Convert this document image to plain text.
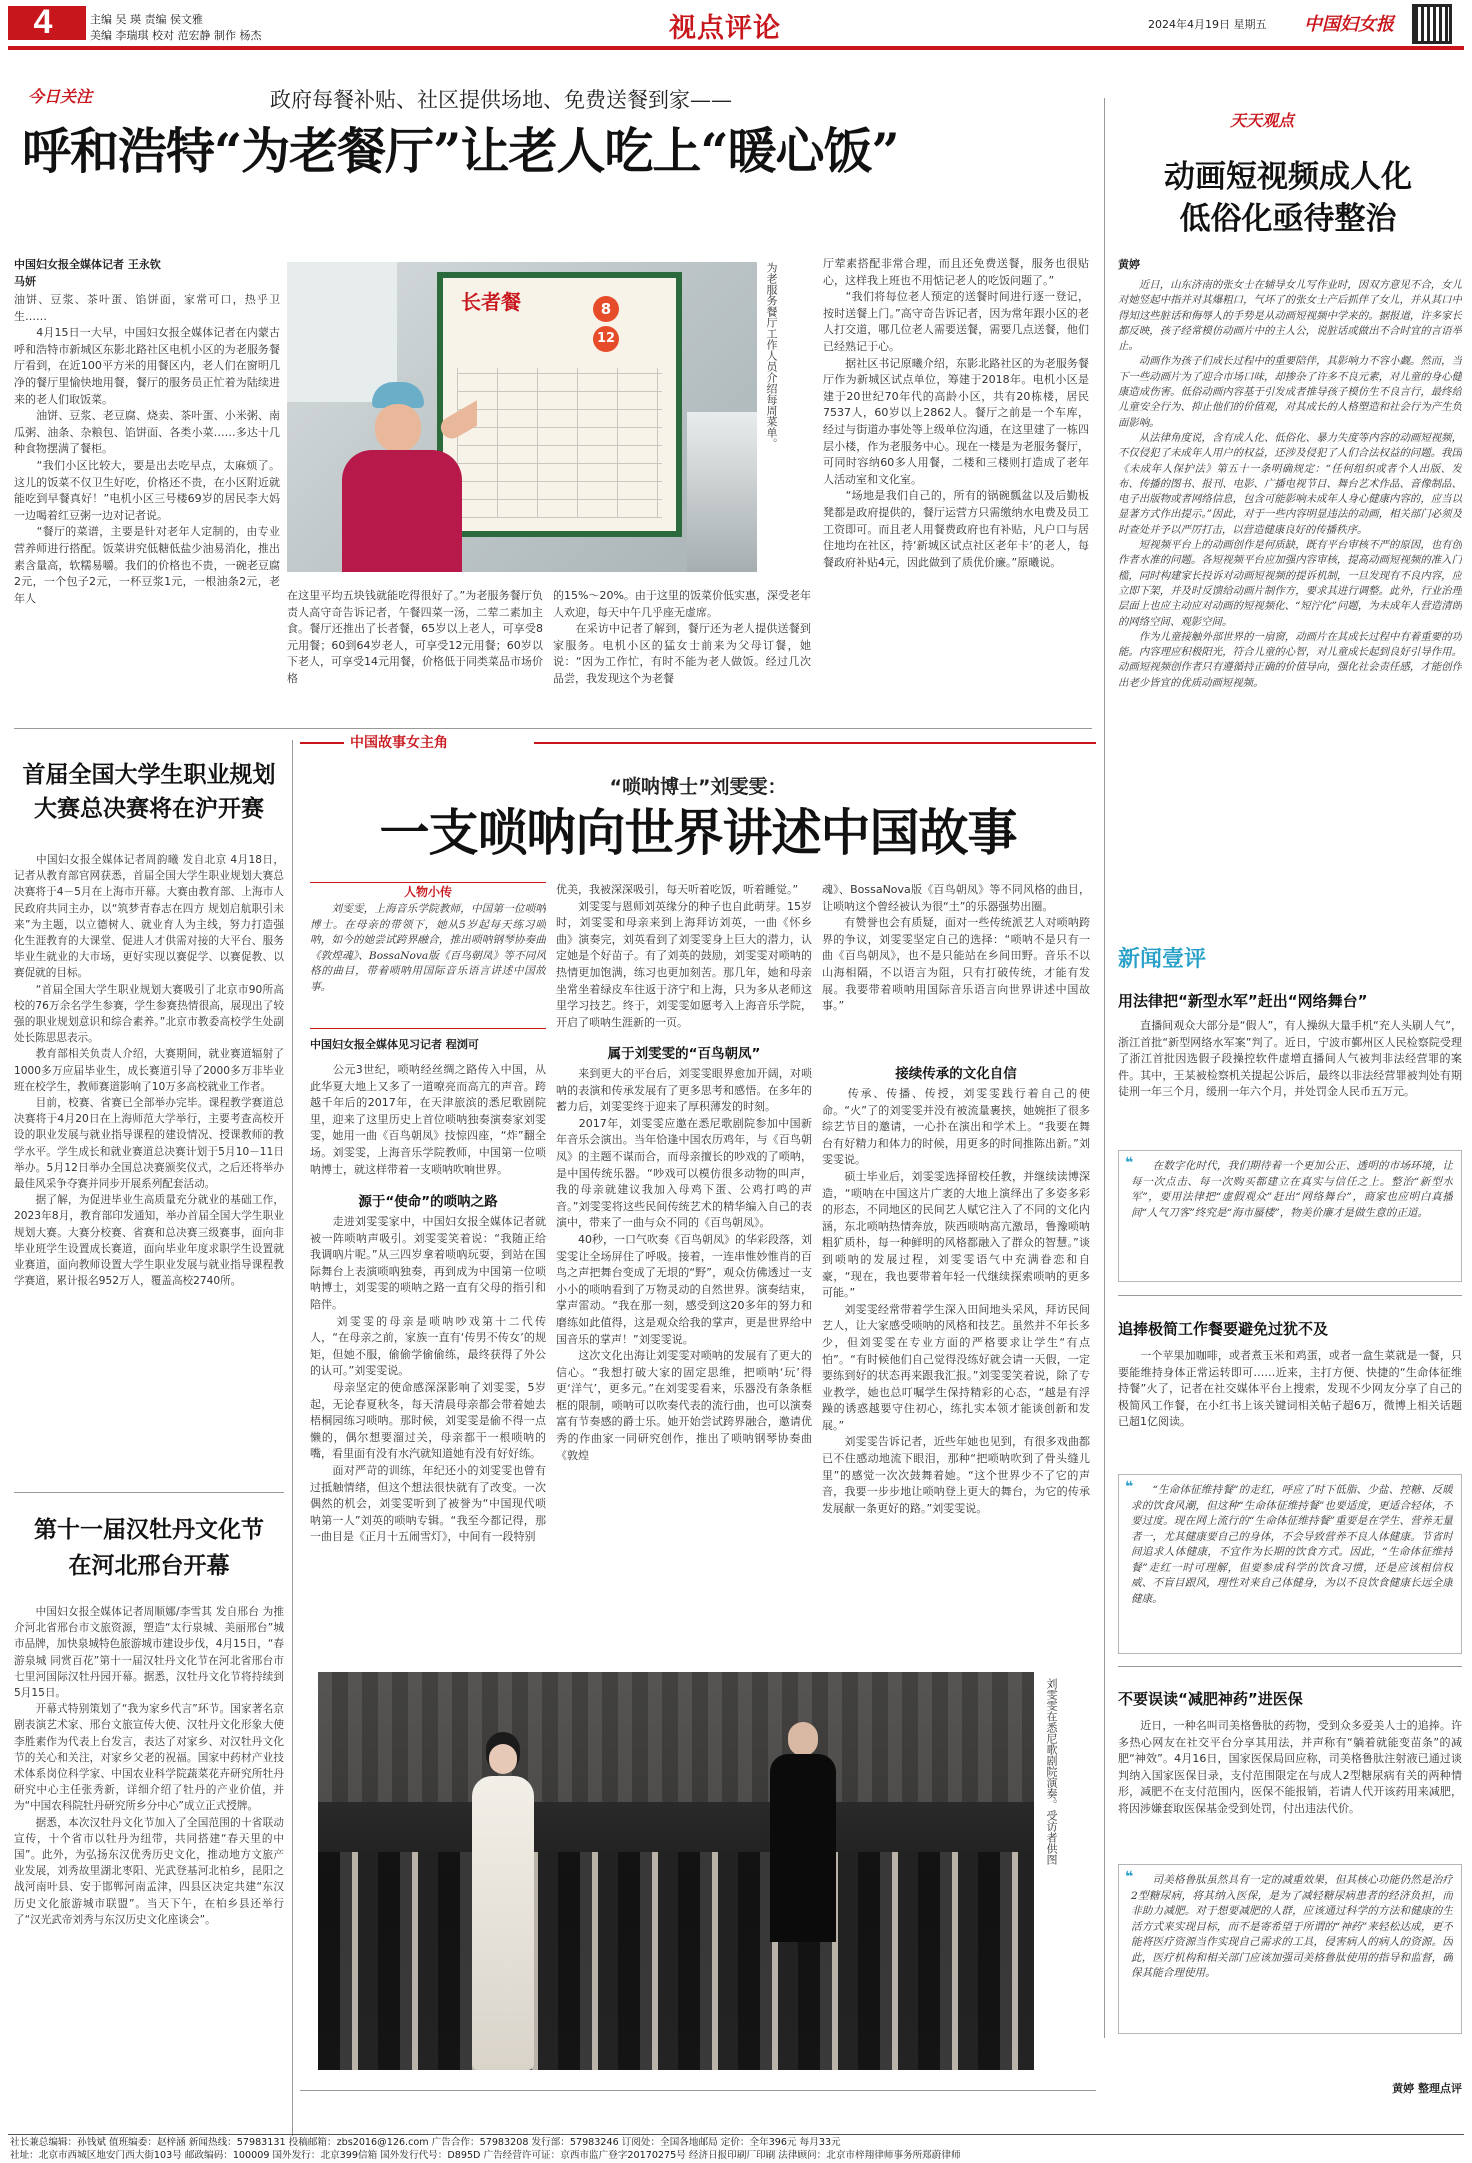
4	主编 吴 瑛 责编 侯文雅
美编 李瑞琪 校对 范宏静 制作 杨杰	视点评论	2024年4月19日 星期五	中国妇女报
今日关注	政府每餐补贴、社区提供场地、免费送餐到家——
呼和浩特“为老餐厅”让老人吃上“暖心饭”
中国妇女报全媒体记者 王永钦
马妍
油饼、豆浆、茶叶蛋、馅饼面，家常可口，热乎卫生……
　　4月15日一大早，中国妇女报全媒体记者在内蒙古呼和浩特市新城区东影北路社区电机小区的为老服务餐厅看到，在近100平方米的用餐区内，老人们在窗明几净的餐厅里愉快地用餐，餐厅的服务员正忙着为陆续进来的老人们取饭菜。
　　油饼、豆浆、老豆腐、烧卖、茶叶蛋、小米粥、南瓜粥、油条、杂粮包、馅饼面、各类小菜……多达十几种食物摆满了餐柜。
　　“我们小区比较大，要是出去吃早点，太麻烦了。这儿的饭菜不仅卫生好吃，价格还不贵，在小区附近就能吃到早餐真好！”电机小区三号楼69岁的居民李大妈一边喝着红豆粥一边对记者说。
　　“餐厅的菜谱，主要是针对老年人定制的，由专业营养师进行搭配。饭菜讲究低糖低盐少油易消化，推出素含量高，软糯易嚼。我们的价格也不贵，一碗老豆腐2元，一个包子2元，一杯豆浆1元，一根油条2元，老年人
长者餐	8
12	为老服务餐厅工作人员介绍每周菜单。
在这里平均五块钱就能吃得很好了。”为老服务餐厅负责人高守奇告诉记者，午餐四菜一汤，二荤二素加主食。餐厅还推出了长者餐，65岁以上老人，可享受8元用餐；60到64岁老人，可享受12元用餐；60岁以下老人，可享受14元用餐，价格低于同类菜品市场价格
的15%～20%。由于这里的饭菜价低实惠，深受老年人欢迎，每天中午几乎座无虚席。
　　在采访中记者了解到，餐厅还为老人提供送餐到家服务。电机小区的猛女士前来为父母订餐，她说：“因为工作忙，有时不能为老人做饭。经过几次品尝，我发现这个为老餐
厅荤素搭配非常合理，而且还免费送餐，服务也很贴心，这样我上班也不用惦记老人的吃饭问题了。”
　　“我们将每位老人预定的送餐时间进行逐一登记，按时送餐上门。”高守奇告诉记者，因为常年跟小区的老人打交道，哪几位老人需要送餐，需要几点送餐，他们已经熟记于心。
　　据社区书记原曦介绍，东影北路社区的为老服务餐厅作为新城区试点单位，筹建于2018年。电机小区是建于20世纪70年代的高龄小区，共有20栋楼，居民7537人，60岁以上2862人。餐厅之前是一个车库，经过与街道办事处等上级单位沟通，在这里建了一栋四层小楼，作为老服务中心。现在一楼是为老服务餐厅，可同时容纳60多人用餐，二楼和三楼则打造成了老年人活动室和文化室。
　　“场地是我们自己的，所有的锅碗瓢盆以及后勤板凳都是政府提供的，餐厅运营方只需缴纳水电费及员工工资即可。而且老人用餐费政府也有补贴，凡户口与居住地均在社区，持‘新城区试点社区老年卡’的老人，每餐政府补贴4元，因此做到了质优价廉。”原曦说。
天天观点
动画短视频成人化
低俗化亟待整治
黄婷
　　近日，山东济南的张女士在辅导女儿写作业时，因双方意见不合，女儿对她竖起中指并对其爆粗口，气坏了的张女士产后抓伴了女儿，并从其口中得知这些脏话和侮辱人的手势是从动画短视频中学来的。据报道，许多家长都反映，孩子经常模仿动画片中的主人公，说脏话或做出不合时宜的言语举止。
　　动画作为孩子们成长过程中的重要陪伴，其影响力不容小觑。然而，当下一些动画片为了迎合市场口味，却掺杂了许多不良元素，对儿童的身心健康造成伤害。低俗动画内容基于引发成者推导孩子模仿生不良言行，最终给儿童安全行为、抑止他们的价值观，对其成长的人格塑造和社会行为产生负面影响。
　　从法律角度说，含有成人化、低俗化、暴力失度等内容的动画短视频，不仅侵犯了未成年人用户的权益，还涉及侵犯了人们合法权益的问题。我国《未成年人保护法》第五十一条明确规定：“任何组织或者个人出版、发布、传播的图书、报刊、电影、广播电视节目、舞台艺术作品、音像制品、电子出版物或者网络信息，包含可能影响未成年人身心健康内容的，应当以显著方式作出提示。”因此，对于一些内容明显违法的动画，相关部门必须及时查处并予以严厉打击，以营造健康良好的传播秩序。
　　短视频平台上的动画创作是何质缺，既有平台审核不严的原因，也有创作者水准的问题。各短视频平台应加强内容审核，提高动画短视频的准入门槛，同时构建家长投诉对动画短视频的提诉机制，一旦发现有不良内容，应立即下架，并及时反馈给动画片制作方，要求其进行调整。此外，行业治理层面上也应主动应对动画的短视频化、“短泞化”问题，为未成年人营造清朗的网络空间、观影空间。
　　作为儿童接触外部世界的一扇窗，动画片在其成长过程中有着重要的功能。内容理应积极阳光，符合儿童的心智，对儿童成长起到良好引导作用。动画短视频创作者只有遵循持正确的价值导向，强化社会责任感，才能创作出老少皆宜的优质动画短视频。
新闻壹评
用法律把“新型水军”赶出“网络舞台”
　　直播间观众大部分是“假人”，有人操纵大量手机“充人头刷人气”，浙江首批“新型网络水军案”判了。近日，宁波市鄞州区人民检察院受理了浙江首批因选假子段操控软件虚增直播间人气被判非法经营罪的案件。其中，王某被检察机关提起公诉后，最终以非法经营罪被判处有期徒刑一年三个月，缓刑一年六个月，并处罚金人民币五万元。
❝
　　在数字化时代，我们期待着一个更加公正、透明的市场环境，让每一次点击、每一次购买都建立在真实与信任之上。整治“新型水军”，要用法律把“虚假观众”赶出“网络舞台”，商家也应明白真播间“人气刀客”终究是“海市蜃楼”，物美价廉才是做生意的正道。
追捧极简工作餐要避免过犹不及
　　一个苹果加咖啡，或者煮玉米和鸡蛋，或者一盒生菜就是一餐，只要能维持身体正常运转即可……近来，主打方便、快捷的“生命体征维持餐”火了，记者在社交媒体平台上搜索，发现不少网友分享了自己的极简风工作餐，在小红书上该关键词相关帖子超6万，微博上相关话题已超1亿阅读。
❝
　　“生命体征维持餐”的走红，呼应了时下低脂、少盐、控糖、反暖求的饮食风潮，但这种“生命体征维持餐”也要适度，更适合轻体，不要过度。现在网上流行的“生命体征维持餐”重要是在学生、营养无量者一，尤其健康要自己的身体，不会导致营养不良人体健康。节省时间追求人体健康，不宜作为长期的饮食方式。因此，“生命体征维持餐”走红一时可理解，但要参成科学的饮食习惯，还是应该相信权威、不盲目跟风，理性对来自己体健身，为以不良饮食健康长远全康健康。
不要误读“减肥神药”进医保
　　近日，一种名叫司美格鲁肽的药物，受到众多爱美人士的追捧。许多热心网友在社交平台分享其用法，并声称有“躺着就能变苗条”的减肥“神效”。4月16日，国家医保局回应称，司美格鲁肽注射液已通过谈判纳入国家医保目录，支付范围限定在与成人2型糖尿病有关的两种情形，减肥不在支付范围内，医保不能报销，若请人代开该药用来减肥，将因涉嫌套取医保基金受到处罚，付出违法代价。
❝
　　司美格鲁肽虽然具有一定的减重效果，但其核心功能仍然是治疗2型糖尿病，将其纳入医保，是为了减轻糖尿病患者的经济负担，而非助力减肥。对于想要减肥的人群，应该通过科学的方法和健康的生活方式来实现目标，而不是寄希望于所谓的“神药”来轻松达成，更不能将医疗资源当作实现自己需求的工具，侵害病人的病人的资源。因此，医疗机构和相关部门应该加强司美格鲁肽使用的指导和监督，确保其能合理使用。
黄婷 整理点评
首届全国大学生职业规划
大赛总决赛将在沪开赛
　　中国妇女报全媒体记者周韵曦 发自北京 4月18日，记者从教育部官网获悉，首届全国大学生职业规划大赛总决赛将于4－5月在上海市开幕。大赛由教育部、上海市人民政府共同主办，以“筑梦青春志在四方 规划启航职引未来”为主题，以立德树人、就业育人为主线，努力打造强化生涯教育的大课堂、促进人才供需对接的大平台、服务毕业生就业的大市场，更好实现以赛促学、以赛促教、以赛促就的目标。
　　“首届全国大学生职业规划大赛吸引了北京市90所高校的76万余名学生参赛，学生参赛热情很高，展现出了较强的职业规划意识和综合素养。”北京市教委高校学生处副处长陈思思表示。
　　教育部相关负责人介绍，大赛期间，就业赛道辐射了1000多万应届毕业生，成长赛道引导了2000多万非毕业班在校学生，教师赛道影响了10万多高校就业工作者。
　　目前，校赛、省赛已全部举办完毕。课程教学赛道总决赛将于4月20日在上海师范大学举行，主要考查高校开设的职业发展与就业指导课程的建设情况、授课教师的教学水平。学生成长和就业赛道总决赛计划于5月10－11日举办。5月12日举办全国总决赛颁奖仪式，之后还将举办最佳风采争夺赛并同步开展系列配套活动。
　　据了解，为促进毕业生高质量充分就业的基础工作，2023年8月，教育部印发通知，举办首届全国大学生职业规划大赛。大赛分校赛、省赛和总决赛三级赛事，面向非毕业班学生设置成长赛道，面向毕业年度求职学生设置就业赛道，面向教师设置大学生职业发展与就业指导课程教学赛道，累计报名952万人，覆盖高校2740所。
第十一届汉牡丹文化节
在河北邢台开幕
　　中国妇女报全媒体记者周顺娜/李雪其 发自邢台 为推介河北省邢台市文旅资源，塑造“太行泉城、美丽邢台”城市品牌，加快泉城特色旅游城市建设步伐，4月15日，“春游泉城 同赏百花”第十一届汉牡丹文化节在河北省邢台市七里河国际汉牡丹园开幕。据悉，汉牡丹文化节将持续到5月15日。
　　开幕式特别策划了“我为家乡代言”环节。国家著名京剧表演艺术家、邢台文旅宣传大使、汉牡丹文化形象大使李胜素作为代表上台发言，表达了对家乡、对汉牡丹文化节的关心和关注，对家乡父老的祝福。国家中药材产业技术体系岗位科学家、中国农业科学院蔬菜花卉研究所牡丹研究中心主任张秀新，详细介绍了牡丹的产业价值，并为“中国农科院牡丹研究所乡分中心”成立正式授牌。
　　据悉，本次汉牡丹文化节加入了全国范围的十省联动宣传，十个省市以牡丹为纽带，共同搭建“春天里的中国”。此外，为弘扬东汉优秀历史文化，推动地方文旅产业发展，刘秀故里湖北枣阳、光武登基河北柏乡，昆阳之战河南叶县、安于邯郸河南孟津，四县区决定共建“东汉历史文化旅游城市联盟”。当天下午，在柏乡县还举行了“汉光武帝刘秀与东汉历史文化座谈会”。
中国故事女主角
“唢呐博士”刘雯雯：
一支唢呐向世界讲述中国故事
人物小传
　　刘雯雯，上海音乐学院教师，中国第一位唢呐博士。在母亲的带领下，她从5岁起每天练习唢呐，如今的她尝试跨界融合，推出唢呐钢琴协奏曲《敦煌魂》、BossaNova版《百鸟朝凤》等不同风格的曲目，带着唢呐用国际音乐语言讲述中国故事。
中国妇女报全媒体见习记者 程浏可
　　公元3世纪，唢呐经丝绸之路传入中国，从此华夏大地上又多了一道嘹亮而高亢的声音。跨越千年后的2017年，在天津旅滨的悉尼歌剧院里，迎来了这里历史上首位唢呐独奏演奏家刘雯雯，她用一曲《百鸟朝凤》技惊四座，“炸”翻全场。刘雯雯，上海音乐学院教师，中国第一位唢呐博士，就这样带着一支唢呐吹响世界。
源于“使命”的唢呐之路
　　走进刘雯雯家中，中国妇女报全媒体记者就被一阵唢呐声吸引。刘雯雯笑着说：“我随正给我调吶片呢。”从三四岁拿着唢吶玩耍，到站在国际舞台上表演唢吶独奏，再到成为中国第一位唢呐博士，刘雯雯的唢呐之路一直有父母的指引和陪伴。
　　刘雯雯的母亲是唢呐吵戏第十二代传人，“在母亲之前，家族一直有‘传男不传女’的规矩，但她不服，偷偷学偷偷练，最终获得了外公的认可。”刘雯雯说。
　　母亲坚定的使命感深深影响了刘雯雯，5岁起，无论春夏秋冬，每天清晨母亲都会带着她去梧桐园练习唢呐。那时候，刘雯雯是偷不得一点懒的，偶尔想要溜过关，母亲都干一根唢呐的嘴，看里面有没有水汽就知道她有没有好好练。
　　面对严苛的训练，年纪还小的刘雯雯也曾有过抵触情绪，但这个想法很快就有了改变。一次偶然的机会，刘雯雯听到了被誉为“中国现代唢呐第一人”刘英的唢呐专辑。“我至今都记得，那一曲目是《正月十五闹雪灯》，中间有一段特别
优美，我被深深吸引，每天听着吃饭，听着睡觉。”
　　刘雯雯与恩师刘英缘分的种子也自此萌芽。15岁时，刘雯雯和母亲来到上海拜访刘英，一曲《怀乡曲》演奏完，刘英看到了刘雯雯身上巨大的潜力，认定她是个好苗子。有了刘英的鼓励，刘雯雯对唢呐的热情更加饱满，练习也更加刻苦。那几年，她和母亲坐常坐着绿皮车往返于济宁和上海，只为多从老师这里学习技艺。终于，刘雯雯如愿考入上海音乐学院，开启了唢呐生涯新的一页。
属于刘雯雯的“百鸟朝凤”
　　来到更大的平台后，刘雯雯眼界愈加开阔，对唢呐的表演和传承发展有了更多思考和感悟。在多年的蓄力后，刘雯雯终于迎来了厚积薄发的时刻。
　　2017年，刘雯雯应邀在悉尼歌剧院参加中国新年音乐会演出。当年恰逢中国农历鸡年，与《百鸟朝凤》的主题不谋而合，而母亲擅长的吵戏的了唢呐，是中国传统乐器。“吵戏可以模仿很多动物的叫声，我的母亲就建议我加入母鸡下蛋、公鸡打鸣的声音。”刘雯雯将这些民间传统艺术的精华编入自己的表演中，带来了一曲与众不同的《百鸟朝凤》。
　　40秒，一口气吹奏《百鸟朝凤》的华彩段落，刘雯雯让全场屏住了呼吸。接着，一连串惟妙惟肖的百鸟之声把舞台变成了无垠的“野”，观众仿佛透过一支小小的唢呐看到了万物灵动的自然世界。演奏结束，掌声雷动。“我在那一刻，感受到这20多年的努力和磨练如此值得，这是观众给我的掌声，更是世界给中国音乐的掌声！”刘雯雯说。
　　这次文化出海让刘雯雯对唢呐的发展有了更大的信心。“我想打破大家的固定思维，把唢呐‘玩’得更‘洋气’，更多元。”在刘雯雯看来，乐器没有条条框框的限制，唢呐可以吹奏代表的流行曲，也可以演奏富有节奏感的爵士乐。她开始尝试跨界融合，邀请优秀的作曲家一同研究创作，推出了唢呐钢琴协奏曲《敦煌
魂》、BossaNova版《百鸟朝凤》等不同风格的曲目，让唢呐这个曾经被认为很“土”的乐器强势出圈。
　　有赞誉也会有质疑，面对一些传统派艺人对唢呐跨界的争议，刘雯雯坚定自己的选择：“唢呐不是只有一曲《百鸟朝凤》，也不是只能站在乡间田野。音乐不以山海相隔，不以语言为阻，只有打破传统，才能有发展。我要带着唢呐用国际音乐语言向世界讲述中国故事。”
接续传承的文化自信
　　传承、传播、传授，刘雯雯践行着自己的使命。“火”了的刘雯雯并没有被流量裹挟，她婉拒了很多综艺节目的邀请，一心扑在演出和学术上。“我要在舞台有好精力和体力的时候，用更多的时间推陈出新。”刘雯雯说。
　　硕士毕业后，刘雯雯选择留校任教，并继续读博深造，“唢呐在中国这片广袤的大地上演绎出了多姿多彩的形态，不同地区的民间艺人赋它注入了不同的文化内涵，东北唢呐热情奔放，陕西唢呐高亢激昂，鲁豫唢呐粗犷质朴，每一种鲜明的风格都融入了群众的智慧。”谈到唢呐的发展过程，刘雯雯语气中充满眷恋和自豪，“现在，我也要带着年轻一代继续探索唢呐的更多可能。”
　　刘雯雯经常带着学生深入田间地头采风，拜访民间艺人，让大家感受唢呐的风格和技艺。虽然并不年长多少，但刘雯雯在专业方面的严格要求让学生“有点怕”。“有时候他们自己觉得没练好就会请一天假，一定要练到好的状态再来跟我汇报。”刘雯雯笑着说，除了专业教学，她也总叮嘱学生保持精彩的心态，“越是有浮躁的诱惑越要守住初心，练扎实本领才能谈创新和发展。”
　　刘雯雯告诉记者，近些年她也见到，有很多戏曲都已不住感动地流下眼泪，那种“把唢呐吹到了骨头缝儿里”的感觉一次次鼓舞着她。“这个世界少不了它的声音，我要一步步地让唢呐登上更大的舞台，为它的传承发展献一条更好的路。”刘雯雯说。
刘雯雯在悉尼歌剧院演奏。受访者供图
社长兼总编辑：孙钱斌 值班编委：赵梓涵 新闻热线：57983131 投稿邮箱：zbs2016@126.com 广告合作：57983208 发行部：57983246 订阅处：全国各地邮局 定价：全年396元 每月33元
社址：北京市西城区地安门西大街103号 邮政编码：100009 国外发行：北京399信箱 国外发行代号：D895D 广告经营许可证：京西市监广登字20170275号 经济日报印刷厂印刷 法律顾问：北京市梓翔律师事务所郑蔚律师
